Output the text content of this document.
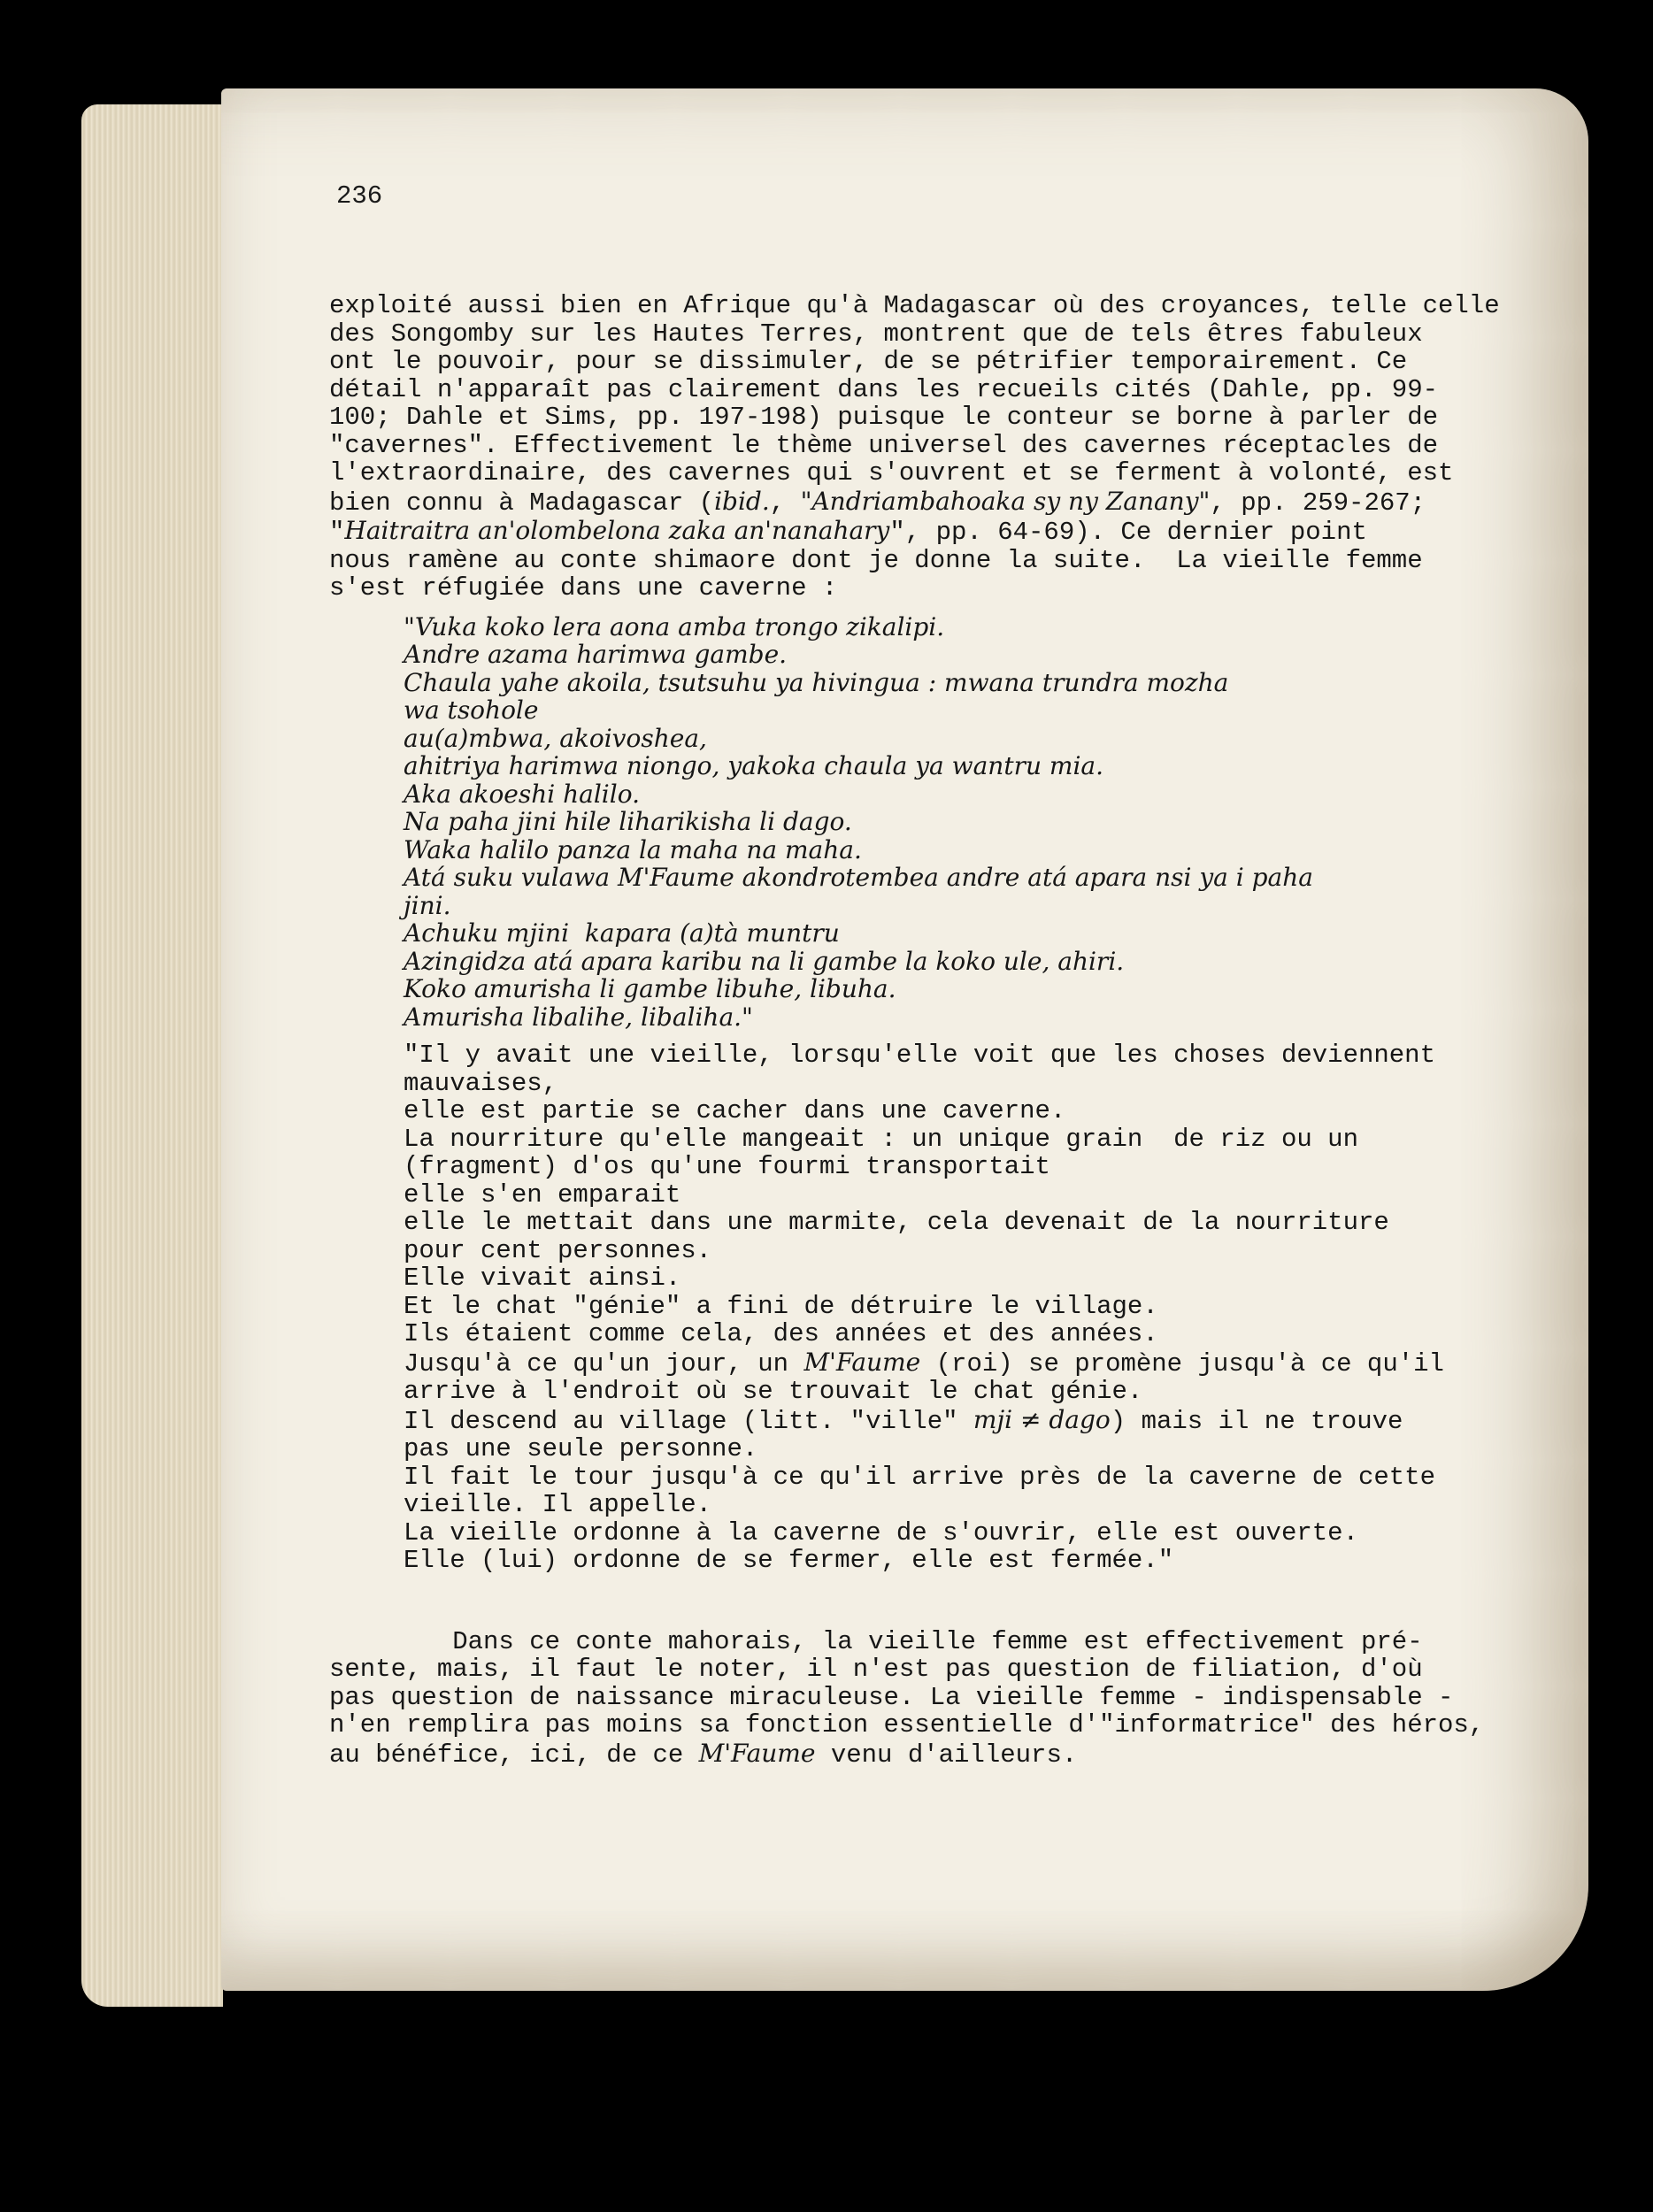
236
exploité aussi bien en Afrique qu'à Madagascar où des croyances, telle celle
des Songomby sur les Hautes Terres, montrent que de tels êtres fabuleux
ont le pouvoir, pour se dissimuler, de se pétrifier temporairement. Ce
détail n'apparaît pas clairement dans les recueils cités (Dahle, pp. 99-
100; Dahle et Sims, pp. 197-198) puisque le conteur se borne à parler de
"cavernes". Effectivement le thème universel des cavernes réceptacles de
l'extraordinaire, des cavernes qui s'ouvrent et se ferment à volonté, est
bien connu à Madagascar (ibid., "Andriambahoaka sy ny Zanany", pp. 259-267;
"Haitraitra an'olombelona zaka an'nanahary", pp. 64-69). Ce dernier point
nous ramène au conte shimaore dont je donne la suite.  La vieille femme
s'est réfugiée dans une caverne :
"Vuka koko lera aona amba trongo zikalipi.
Andre azama harimwa gambe.
Chaula yahe akoila, tsutsuhu ya hivingua : mwana trundra mozha
wa tsohole
au(a)mbwa, akoivoshea,
ahitriya harimwa niongo, yakoka chaula ya wantru mia.
Aka akoeshi halilo.
Na paha jini hile liharikisha li dago.
Waka halilo panza la maha na maha.
Atá suku vulawa M'Faume akondrotembea andre atá apara nsi ya i paha
jini.
Achuku mjini  kapara (a)tà muntru
Azingidza atá apara karibu na li gambe la koko ule, ahiri.
Koko amurisha li gambe libuhe, libuha.
Amurisha libalihe, libaliha."
"Il y avait une vieille, lorsqu'elle voit que les choses deviennent
mauvaises,
elle est partie se cacher dans une caverne.
La nourriture qu'elle mangeait : un unique grain  de riz ou un
(fragment) d'os qu'une fourmi transportait
elle s'en emparait
elle le mettait dans une marmite, cela devenait de la nourriture
pour cent personnes.
Elle vivait ainsi.
Et le chat "génie" a fini de détruire le village.
Ils étaient comme cela, des années et des années.
Jusqu'à ce qu'un jour, un M'Faume (roi) se promène jusqu'à ce qu'il
arrive à l'endroit où se trouvait le chat génie.
Il descend au village (litt. "ville" mji ≠ dago) mais il ne trouve
pas une seule personne.
Il fait le tour jusqu'à ce qu'il arrive près de la caverne de cette
vieille. Il appelle.
La vieille ordonne à la caverne de s'ouvrir, elle est ouverte.
Elle (lui) ordonne de se fermer, elle est fermée."
Dans ce conte mahorais, la vieille femme est effectivement pré-
sente, mais, il faut le noter, il n'est pas question de filiation, d'où
pas question de naissance miraculeuse. La vieille femme - indispensable -
n'en remplira pas moins sa fonction essentielle d'"informatrice" des héros,
au bénéfice, ici, de ce M'Faume venu d'ailleurs.
